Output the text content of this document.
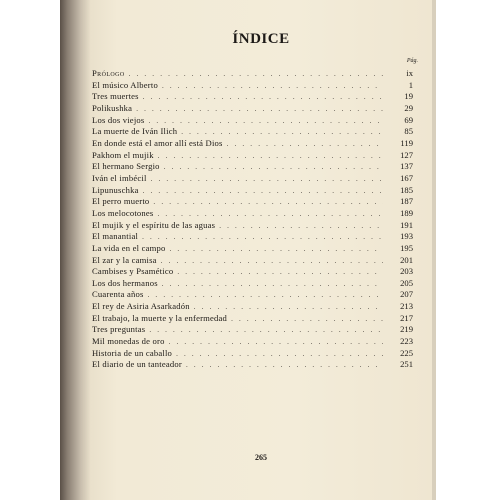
ÍNDICE
Pág.
Prólogo . . .	ix
El músico Alberto . . .	1
Tres muertes . . .	19
Polikushka . . .	29
Los dos viejos . . .	69
La muerte de Iván Ilich . . .	85
En donde está el amor allí está Dios . . .	119
Pakhom el mujik . . .	127
El hermano Sergio . . .	137
Iván el imbécil . . .	167
Lipunuschka . . .	185
El perro muerto . . .	187
Los melocotones . . .	189
El mujik y el espíritu de las aguas . . .	191
El manantial . . .	193
La vida en el campo . . .	195
El zar y la camisa . . .	201
Cambises y Psamético . . .	203
Los dos hermanos . . .	205
Cuarenta años . . .	207
El rey de Asiria Asarkadón . . .	213
El trabajo, la muerte y la enfermedad . . .	217
Tres preguntas . . .	219
Mil monedas de oro . . .	223
Historia de un caballo . . .	225
El diario de un tanteador . . .	251
265
